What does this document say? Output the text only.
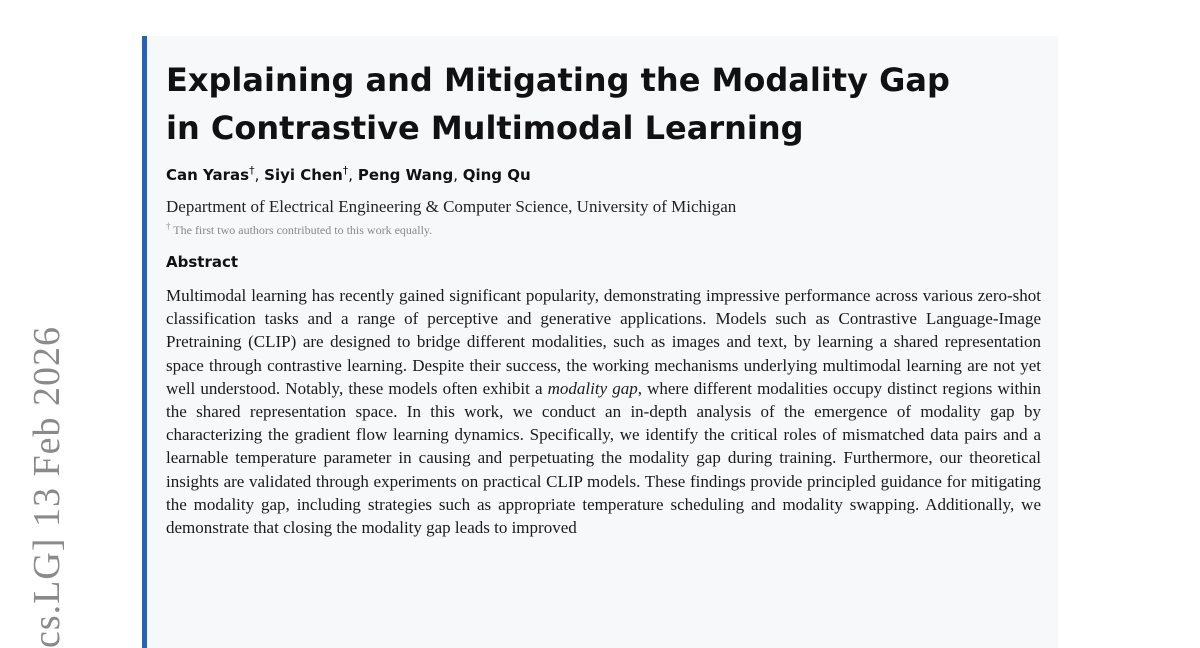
cs.LG] 13 Feb 2026
Explaining and Mitigating the Modality Gap
in Contrastive Multimodal Learning
Can Yaras†, Siyi Chen†, Peng Wang, Qing Qu
Department of Electrical Engineering & Computer Science, University of Michigan
† The first two authors contributed to this work equally.
Abstract

Multimodal learning has recently gained significant popularity, demonstrating impressive performance across various zero-shot classification tasks and a range of perceptive and generative applications. Models such as Contrastive Language-Image Pretraining (CLIP) are designed to bridge different modalities, such as images and text, by learning a shared representation space through contrastive learning. Despite their success, the working mechanisms underlying multimodal learning are not yet well understood. Notably, these models often exhibit a modality gap, where different modalities occupy distinct regions within the shared representation space. In this work, we conduct an in-depth analysis of the emergence of modality gap by characterizing the gradient flow learning dynamics. Specifically, we identify the critical roles of mismatched data pairs and a learnable temperature parameter in causing and perpetuating the modality gap during training. Furthermore, our theoretical insights are validated through experiments on practical CLIP models. These findings provide principled guidance for mitigating the modality gap, including strategies such as appropriate temperature scheduling and modality swapping. Additionally, we demonstrate that closing the modality gap leads to improved
